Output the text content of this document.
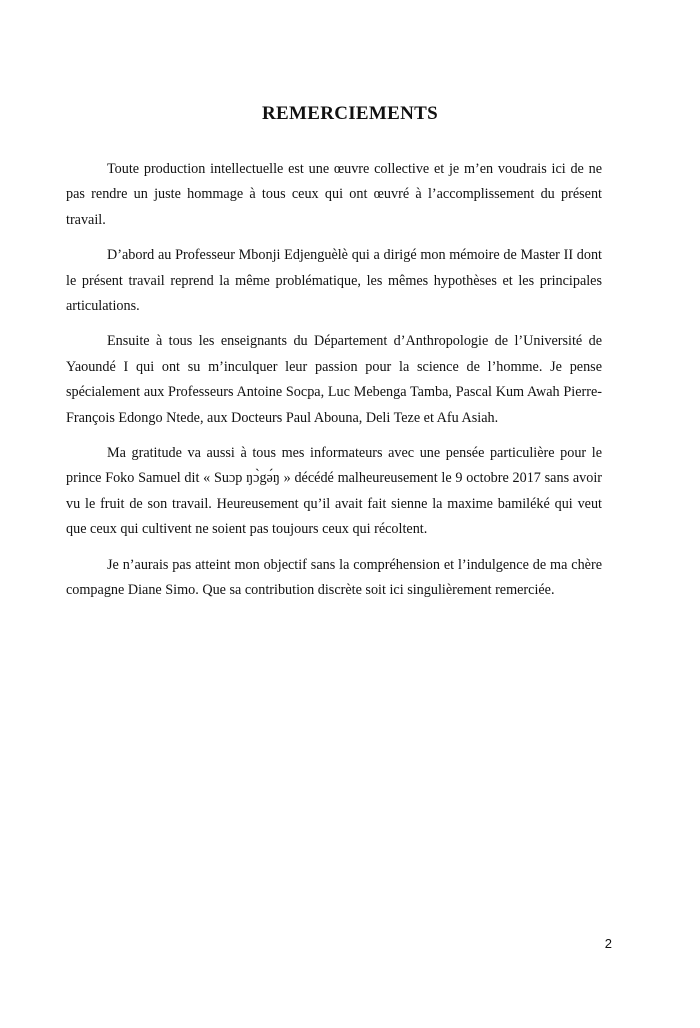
REMERCIEMENTS

Toute production intellectuelle est une œuvre collective et je m’en voudrais ici de ne pas rendre un juste hommage à tous ceux qui ont œuvré à l’accomplissement du présent travail.

D’abord au Professeur Mbonji Edjenguèlè qui a dirigé mon mémoire de Master II dont le présent travail reprend la même problématique, les mêmes hypothèses et les principales articulations.

Ensuite à tous les enseignants du Département d’Anthropologie de l’Université de Yaoundé I qui ont su m’inculquer leur passion pour la science de l’homme. Je pense spécialement aux Professeurs Antoine Socpa, Luc Mebenga Tamba, Pascal Kum Awah Pierre-François Edongo Ntede, aux Docteurs Paul Abouna, Deli Teze et Afu Asiah.

Ma gratitude va aussi à tous mes informateurs avec une pensée particulière pour le prince Foko Samuel dit « Suɔp ŋɔ̀gə́ŋ » décédé malheureusement le 9 octobre 2017 sans avoir vu le fruit de son travail. Heureusement qu’il avait fait sienne la maxime bamiléké qui veut que ceux qui cultivent ne soient pas toujours ceux qui récoltent.

Je n’aurais pas atteint mon objectif sans la compréhension et l’indulgence de ma chère compagne Diane Simo. Que sa contribution discrète soit ici singulièrement remerciée.

2
